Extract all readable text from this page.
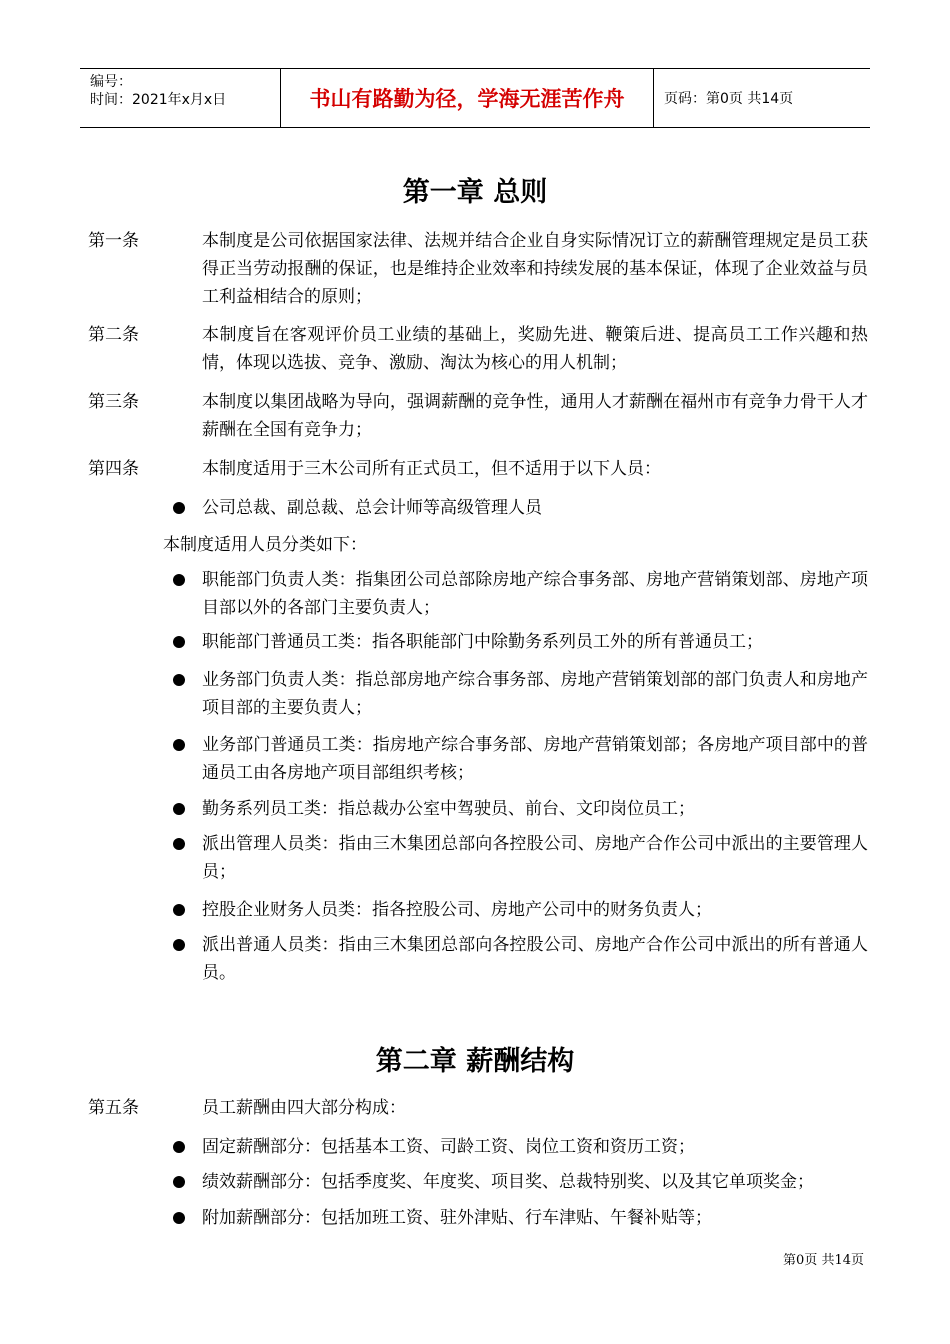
编号：
时间：2021年x月x日	书山有路勤为径，学海无涯苦作舟	页码：第0页 共14页
第一章 总则
第一条	本制度是公司依据国家法律、法规并结合企业自身实际情况订立的薪酬管理规定是员工获得正当劳动报酬的保证，也是维持企业效率和持续发展的基本保证，体现了企业效益与员工利益相结合的原则；
第二条	本制度旨在客观评价员工业绩的基础上，奖励先进、鞭策后进、提高员工工作兴趣和热情，体现以选拔、竞争、激励、淘汰为核心的用人机制；
第三条	本制度以集团战略为导向，强调薪酬的竞争性，通用人才薪酬在福州市有竞争力骨干人才薪酬在全国有竞争力；
第四条	本制度适用于三木公司所有正式员工，但不适用于以下人员：
公司总裁、副总裁、总会计师等高级管理人员
本制度适用人员分类如下：
职能部门负责人类：指集团公司总部除房地产综合事务部、房地产营销策划部、房地产项目部以外的各部门主要负责人；
职能部门普通员工类：指各职能部门中除勤务系列员工外的所有普通员工；
业务部门负责人类：指总部房地产综合事务部、房地产营销策划部的部门负责人和房地产项目部的主要负责人；
业务部门普通员工类：指房地产综合事务部、房地产营销策划部；各房地产项目部中的普通员工由各房地产项目部组织考核；
勤务系列员工类：指总裁办公室中驾驶员、前台、文印岗位员工；
派出管理人员类：指由三木集团总部向各控股公司、房地产合作公司中派出的主要管理人员；
控股企业财务人员类：指各控股公司、房地产公司中的财务负责人；
派出普通人员类：指由三木集团总部向各控股公司、房地产合作公司中派出的所有普通人员。
第二章 薪酬结构
第五条	员工薪酬由四大部分构成：
固定薪酬部分：包括基本工资、司龄工资、岗位工资和资历工资；
绩效薪酬部分：包括季度奖、年度奖、项目奖、总裁特别奖、以及其它单项奖金；
附加薪酬部分：包括加班工资、驻外津贴、行车津贴、午餐补贴等；
第0页 共14页
